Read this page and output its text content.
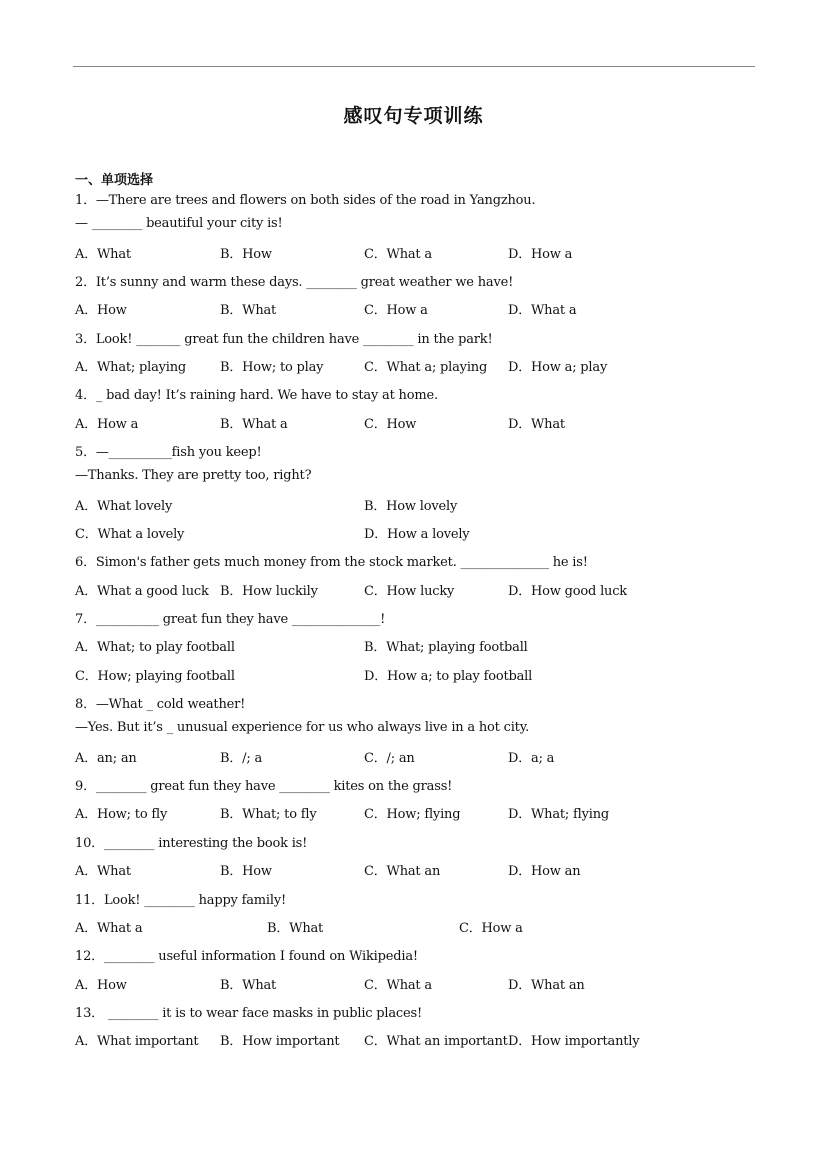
感叹句专项训练
一、单项选择
1．—There are trees and flowers on both sides of the road in Yangzhou.
— ________ beautiful your city is!
A．What	B．How	C．What a	D．How a
2．It’s sunny and warm these days. ________ great weather we have!
A．How	B．What	C．How a	D．What a
3．Look! _______ great fun the children have ________ in the park!
A．What; playing	B．How; to play	C．What a; playing D．How a; play
4．_ bad day! It’s raining hard. We have to stay at home.
A．How a	B．What a	C．How	D．What
5．—__________fish you keep!
—Thanks. They are pretty too, right?
A．What lovely	B．How lovely
C．What a lovely	D．How a lovely
6．Simon's father gets much money from the stock market. ______________ he is!
A．What a good luck B．How luckily	C．How lucky	D．How good luck
7．__________ great fun they have ______________!
A．What; to play football	B．What; playing football
C．How; playing football	D．How a; to play football
8．—What _ cold weather!
—Yes. But it’s _ unusual experience for us who always live in a hot city.
A．an; an	B．/; a	C．/; an	D．a; a
9．________ great fun they have ________ kites on the grass!
A．How; to fly	B．What; to fly	C．How; flying	D．What; flying
10．________ interesting the book is!
A．What	B．How	C．What an	D．How an
11．Look! ________ happy family!
A．What a	B．What	C．How a
12．________ useful information I found on Wikipedia!
A．How	B．What	C．What a	D．What an
13． ________ it is to wear face masks in public places!
A．What important B．How important C．What an important D．How importantly
